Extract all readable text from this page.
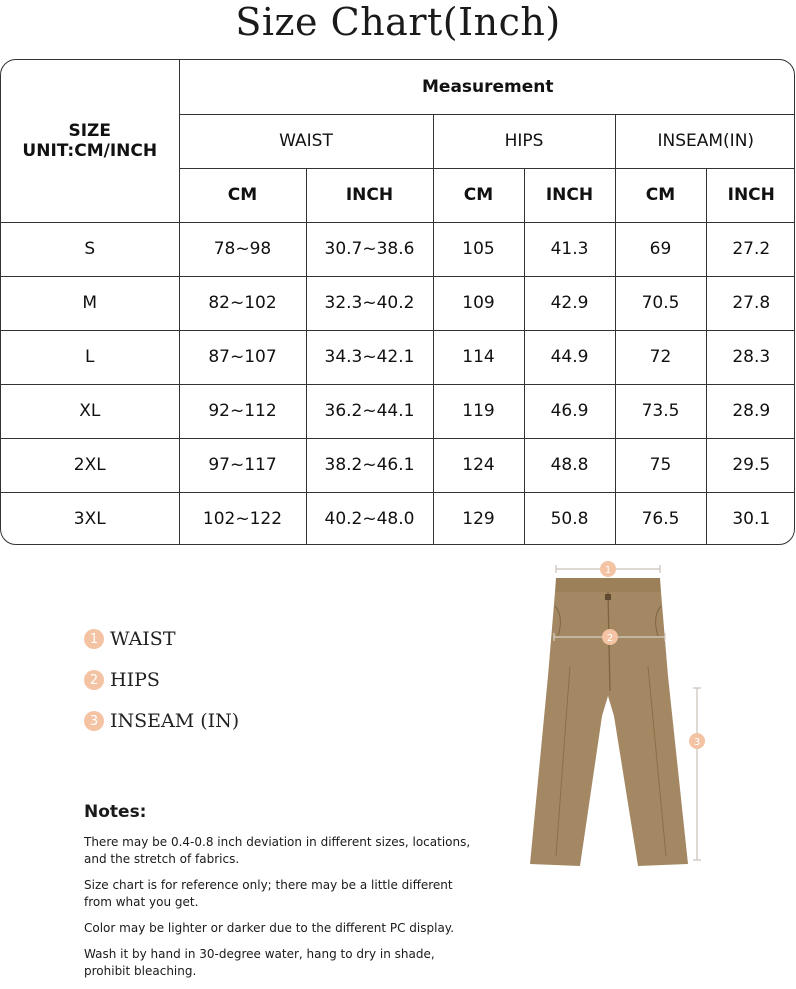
Size Chart(Inch)
SIZE
UNIT:CM/INCH	Measurement					
	WAIST		HIPS		INSEAM(IN)	
	CM	INCH	CM	INCH	CM	INCH
S	78~98	30.7~38.6	105	41.3	69	27.2
M	82~102	32.3~40.2	109	42.9	70.5	27.8
L	87~107	34.3~42.1	114	44.9	72	28.3
XL	92~112	36.2~44.1	119	46.9	73.5	28.9
2XL	97~117	38.2~46.1	124	48.8	75	29.5
3XL	102~122	40.2~48.0	129	50.8	76.5	30.1
1 WAIST
2 HIPS
3 INSEAM (IN)
Notes:
There may be 0.4-0.8 inch deviation in different sizes, locations, and the stretch of fabrics.
Size chart is for reference only; there may be a little different from what you get.
Color may be lighter or darker due to the different PC display.
Wash it by hand in 30-degree water, hang to dry in shade, prohibit bleaching.
1
2
3
